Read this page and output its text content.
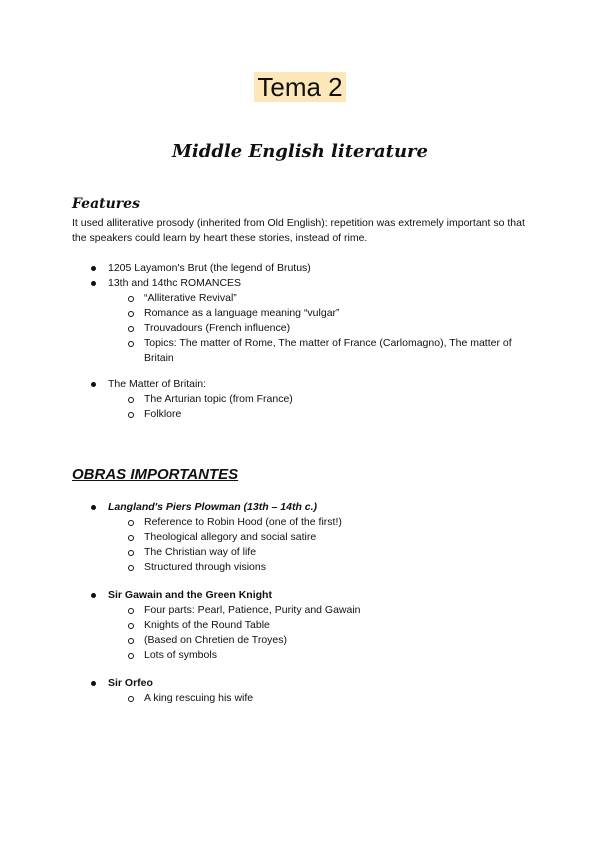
Tema 2
Middle English literature
Features
It used alliterative prosody (inherited from Old English): repetition was extremely important so that the speakers could learn by heart these stories, instead of rime.
1205 Layamon's Brut (the legend of Brutus)
13th and 14thc ROMANCES
“Alliterative Revival”
Romance as a language meaning “vulgar”
Trouvadours (French influence)
Topics: The matter of Rome, The matter of France (Carlomagno), The matter of Britain
The Matter of Britain:
The Arturian topic (from France)
Folklore
OBRAS IMPORTANTES
Langland's Piers Plowman (13th – 14th c.)
Reference to Robin Hood (one of the first!)
Theological allegory and social satire
The Christian way of life
Structured through visions
Sir Gawain and the Green Knight
Four parts: Pearl, Patience, Purity and Gawain
Knights of the Round Table
(Based on Chretien de Troyes)
Lots of symbols
Sir Orfeo
A king rescuing his wife
